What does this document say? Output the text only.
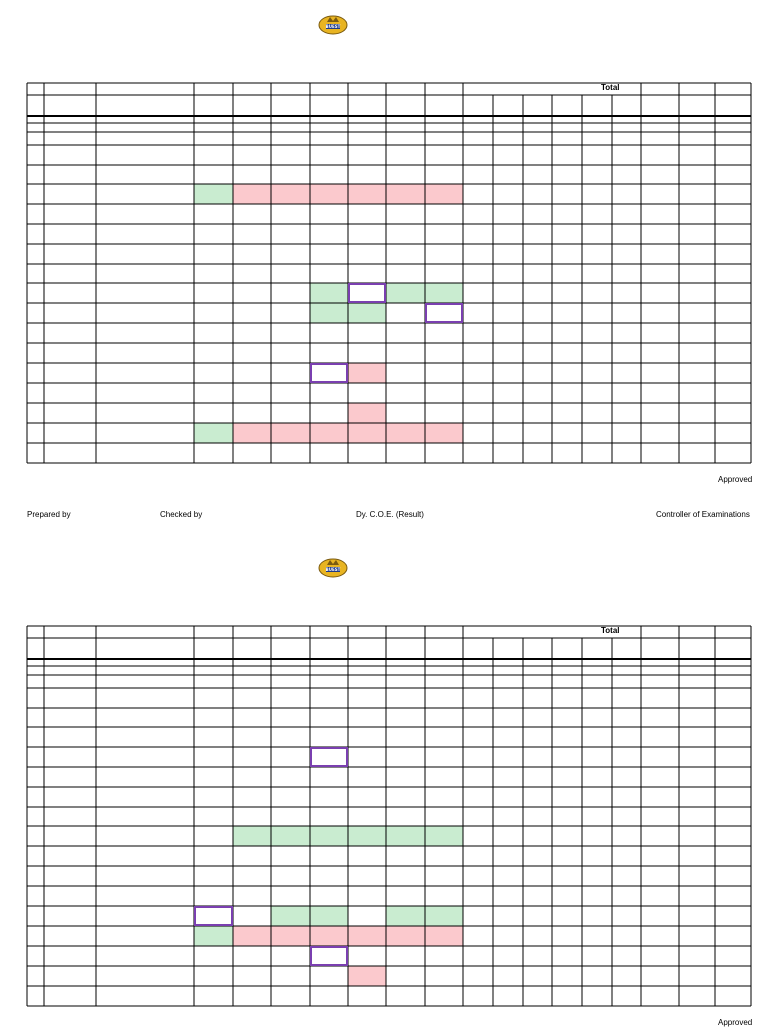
BUEST
Total
Approved
Prepared by	Checked by	Dy. C.O.E. (Result)	Controller of Examinations
BUEST
Total
Approved
